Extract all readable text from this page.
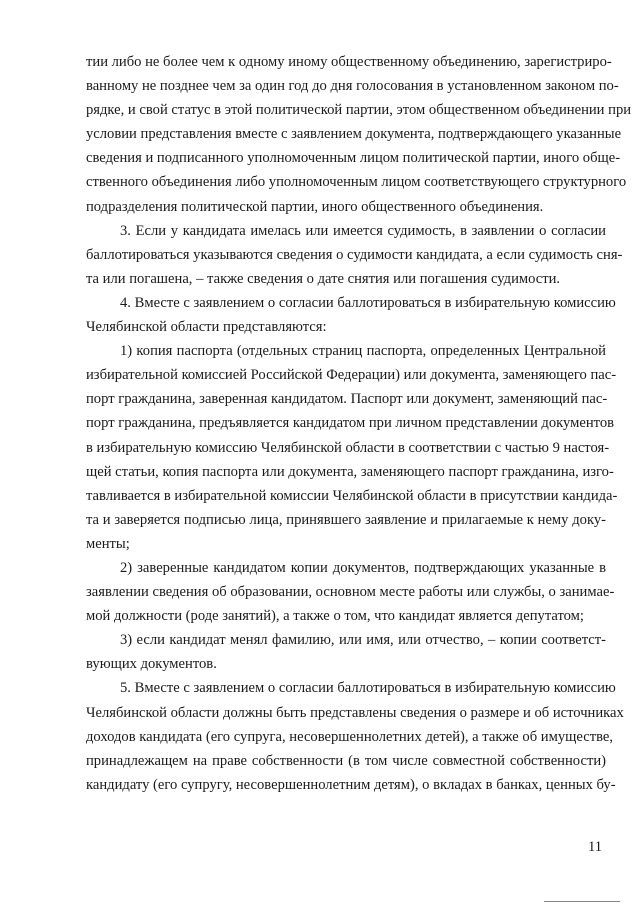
тии либо не более чем к одному иному общественному объединению, зарегистриро-
ванному не позднее чем за один год до дня голосования в установленном законом по-
рядке, и свой статус в этой политической партии, этом общественном объединении при
условии представления вместе с заявлением документа, подтверждающего указанные
сведения и подписанного уполномоченным лицом политической партии, иного обще-
ственного объединения либо уполномоченным лицом соответствующего структурного
подразделения политической партии, иного общественного объединения.

3. Если у кандидата имелась или имеется судимость, в заявлении о согласии
баллотироваться указываются сведения о судимости кандидата, а если судимость сня-
та или погашена, – также сведения о дате снятия или погашения судимости.

4. Вместе с заявлением о согласии баллотироваться в избирательную комиссию
Челябинской области представляются:

1) копия паспорта (отдельных страниц паспорта, определенных Центральной
избирательной комиссией Российской Федерации) или документа, заменяющего пас-
порт гражданина, заверенная кандидатом. Паспорт или документ, заменяющий пас-
порт гражданина, предъявляется кандидатом при личном представлении документов
в избирательную комиссию Челябинской области в соответствии с частью 9 настоя-
щей статьи, копия паспорта или документа, заменяющего паспорт гражданина, изго-
тавливается в избирательной комиссии Челябинской области в присутствии кандида-
та и заверяется подписью лица, принявшего заявление и прилагаемые к нему доку-
менты;

2) заверенные кандидатом копии документов, подтверждающих указанные в
заявлении сведения об образовании, основном месте работы или службы, о занимае-
мой должности (роде занятий), а также о том, что кандидат является депутатом;

3) если кандидат менял фамилию, или имя, или отчество, – копии соответст-
вующих документов.

5. Вместе с заявлением о согласии баллотироваться в избирательную комиссию
Челябинской области должны быть представлены сведения о размере и об источниках
доходов кандидата (его супруга, несовершеннолетних детей), а также об имуществе,
принадлежащем на праве собственности (в том числе совместной собственности)
кандидату (его супругу, несовершеннолетним детям), о вкладах в банках, ценных бу-

11
